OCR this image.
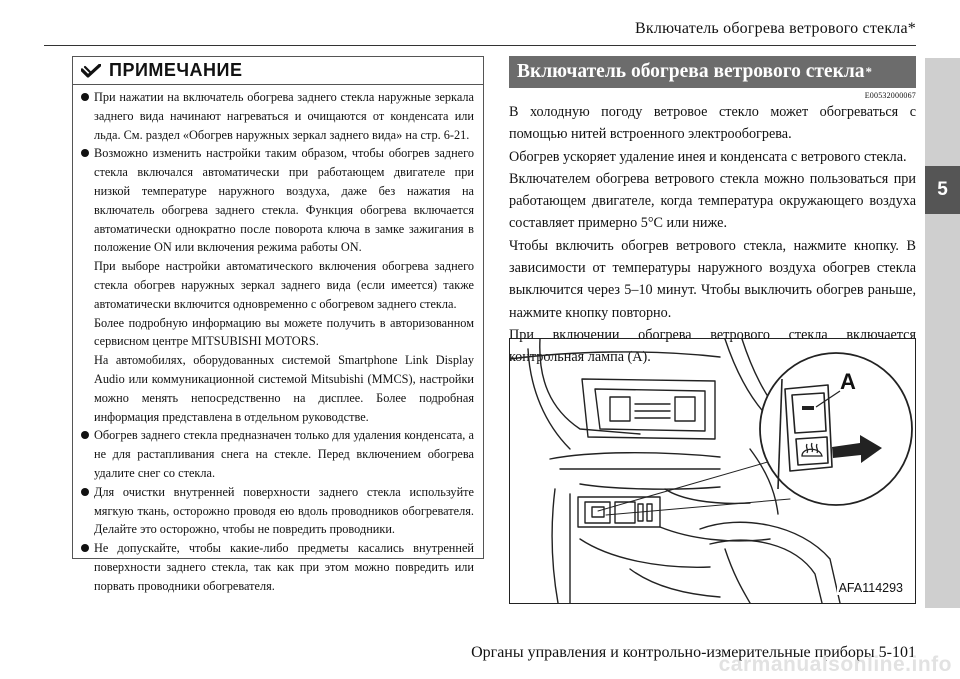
Включатель обогрева ветрового стекла*
5
ПРИМЕЧАНИЕ

При нажатии на включатель обогрева заднего стекла наружные зеркала заднего вида начинают нагреваться и очищаются от конденсата или льда. См. раздел «Обогрев наружных зеркал заднего вида» на стр. 6-21.

Возможно изменить настройки таким образом, чтобы обогрев заднего стекла включался автоматически при работающем двигателе при низкой температуре наружного воздуха, даже без нажатия на включатель обогрева заднего стекла. Функция обогрева включается автоматически однократно после поворота ключа в замке зажигания в положение ON или включения режима работы ON.

При выборе настройки автоматического включения обогрева заднего стекла обогрев наружных зеркал заднего вида (если имеется) также автоматически включится одновременно с обогревом заднего стекла.

Более подробную информацию вы можете получить в авторизованном сервисном центре MITSUBISHI MOTORS.

На автомобилях, оборудованных системой Smartphone Link Display Audio или коммуникационной системой Mitsubishi (MMCS), настройки можно менять непосредственно на дисплее. Более подробная информация представлена в отдельном руководстве.

Обогрев заднего стекла предназначен только для удаления конденсата, а не для растапливания снега на стекле. Перед включением обогрева удалите снег со стекла.

Для очистки внутренней поверхности заднего стекла используйте мягкую ткань, осторожно проводя ею вдоль проводников обогревателя. Делайте это осторожно, чтобы не повредить проводники.

Не допускайте, чтобы какие-либо предметы касались внутренней поверхности заднего стекла, так как при этом можно повредить или порвать проводники обогревателя.

Включатель обогрева ветрового стекла *
E00532000067

В холодную погоду ветровое стекло может обогреваться с помощью нитей встроенного электрообогрева.

Обогрев ускоряет удаление инея и конденсата с ветрового стекла.

Включателем обогрева ветрового стекла можно пользоваться при работающем двигателе, когда температура окружающего воздуха составляет примерно 5°C или ниже.

Чтобы включить обогрев ветрового стекла, нажмите кнопку. В зависимости от температуры наружного воздуха обогрев стекла выключится через 5–10 минут. Чтобы выключить обогрев раньше, нажмите кнопку повторно.

При включении обогрева ветрового стекла включается контрольная лампа (A).

A
AFA114293
Органы управления и контрольно-измерительные приборы 5-101
carmanualsonline.info
